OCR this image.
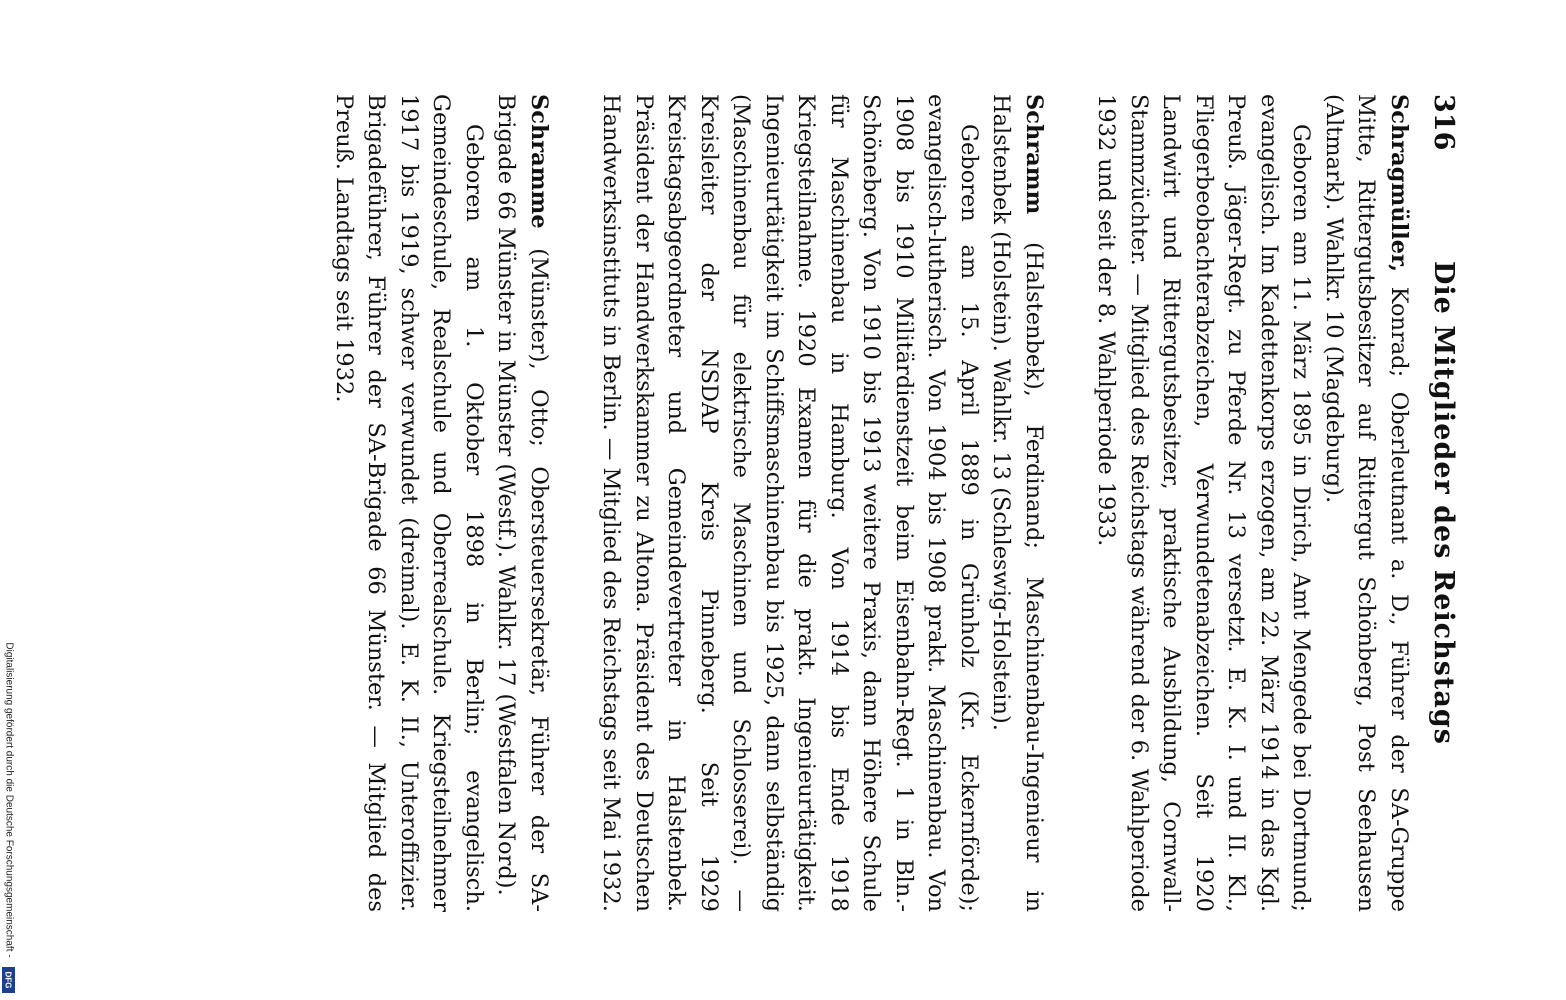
316
Die Mitglieder des Reichstags

Schragmüller, Konrad; Oberleutnant a. D., Führer der SA-Gruppe Mitte, Rittergutsbesitzer auf Rittergut Schönberg, Post Seehausen (Altmark). Wahlkr. 10 (Magdeburg).

Geboren am 11. März 1895 in Dirich, Amt Mengede bei Dortmund; evangelisch. Im Kadettenkorps erzogen, am 22. März 1914 in das Kgl. Preuß. Jäger-Regt. zu Pferde Nr. 13 versetzt. E. K. I. und II. Kl., Fliegerbeobachterabzeichen, Verwundetenabzeichen. Seit 1920 Landwirt und Rittergutsbesitzer, praktische Ausbildung, Cornwall-Stammzüchter. — Mitglied des Reichstags während der 6. Wahlperiode 1932 und seit der 8. Wahlperiode 1933.

Schramm (Halstenbek), Ferdinand; Maschinenbau-Ingenieur in Halstenbek (Holstein). Wahlkr. 13 (Schleswig-Holstein).

Geboren am 15. April 1889 in Grünholz (Kr. Eckernförde); evangelisch-lutherisch. Von 1904 bis 1908 prakt. Maschinenbau. Von 1908 bis 1910 Militärdienstzeit beim Eisenbahn-Regt. 1 in Bln.-Schöneberg. Von 1910 bis 1913 weitere Praxis, dann Höhere Schule für Maschinenbau in Hamburg. Von 1914 bis Ende 1918 Kriegsteilnahme. 1920 Examen für die prakt. Ingenieurtätigkeit. Ingenieurtätigkeit im Schiffsmaschinenbau bis 1925, dann selbständig (Maschinenbau für elektrische Maschinen und Schlosserei). — Kreisleiter der NSDAP Kreis Pinneberg. Seit 1929 Kreistagsabgeordneter und Gemeindevertreter in Halstenbek. Präsident der Handwerkskammer zu Altona. Präsident des Deutschen Handwerksinstituts in Berlin. — Mitglied des Reichstags seit Mai 1932.

Schramme (Münster), Otto; Obersteuersekretär, Führer der SA-Brigade 66 Münster in Münster (Westf.). Wahlkr. 17 (Westfalen Nord).

Geboren am 1. Oktober 1898 in Berlin; evangelisch. Gemeindeschule, Realschule und Oberrealschule. Kriegsteilnehmer 1917 bis 1919, schwer verwundet (dreimal). E. K. II., Unteroffizier. Brigadeführer, Führer der SA-Brigade 66 Münster. — Mitglied des Preuß. Landtags seit 1932.

Digitalisierung gefördert durch die Deutsche Forschungsgemeinschaft -
DFG
